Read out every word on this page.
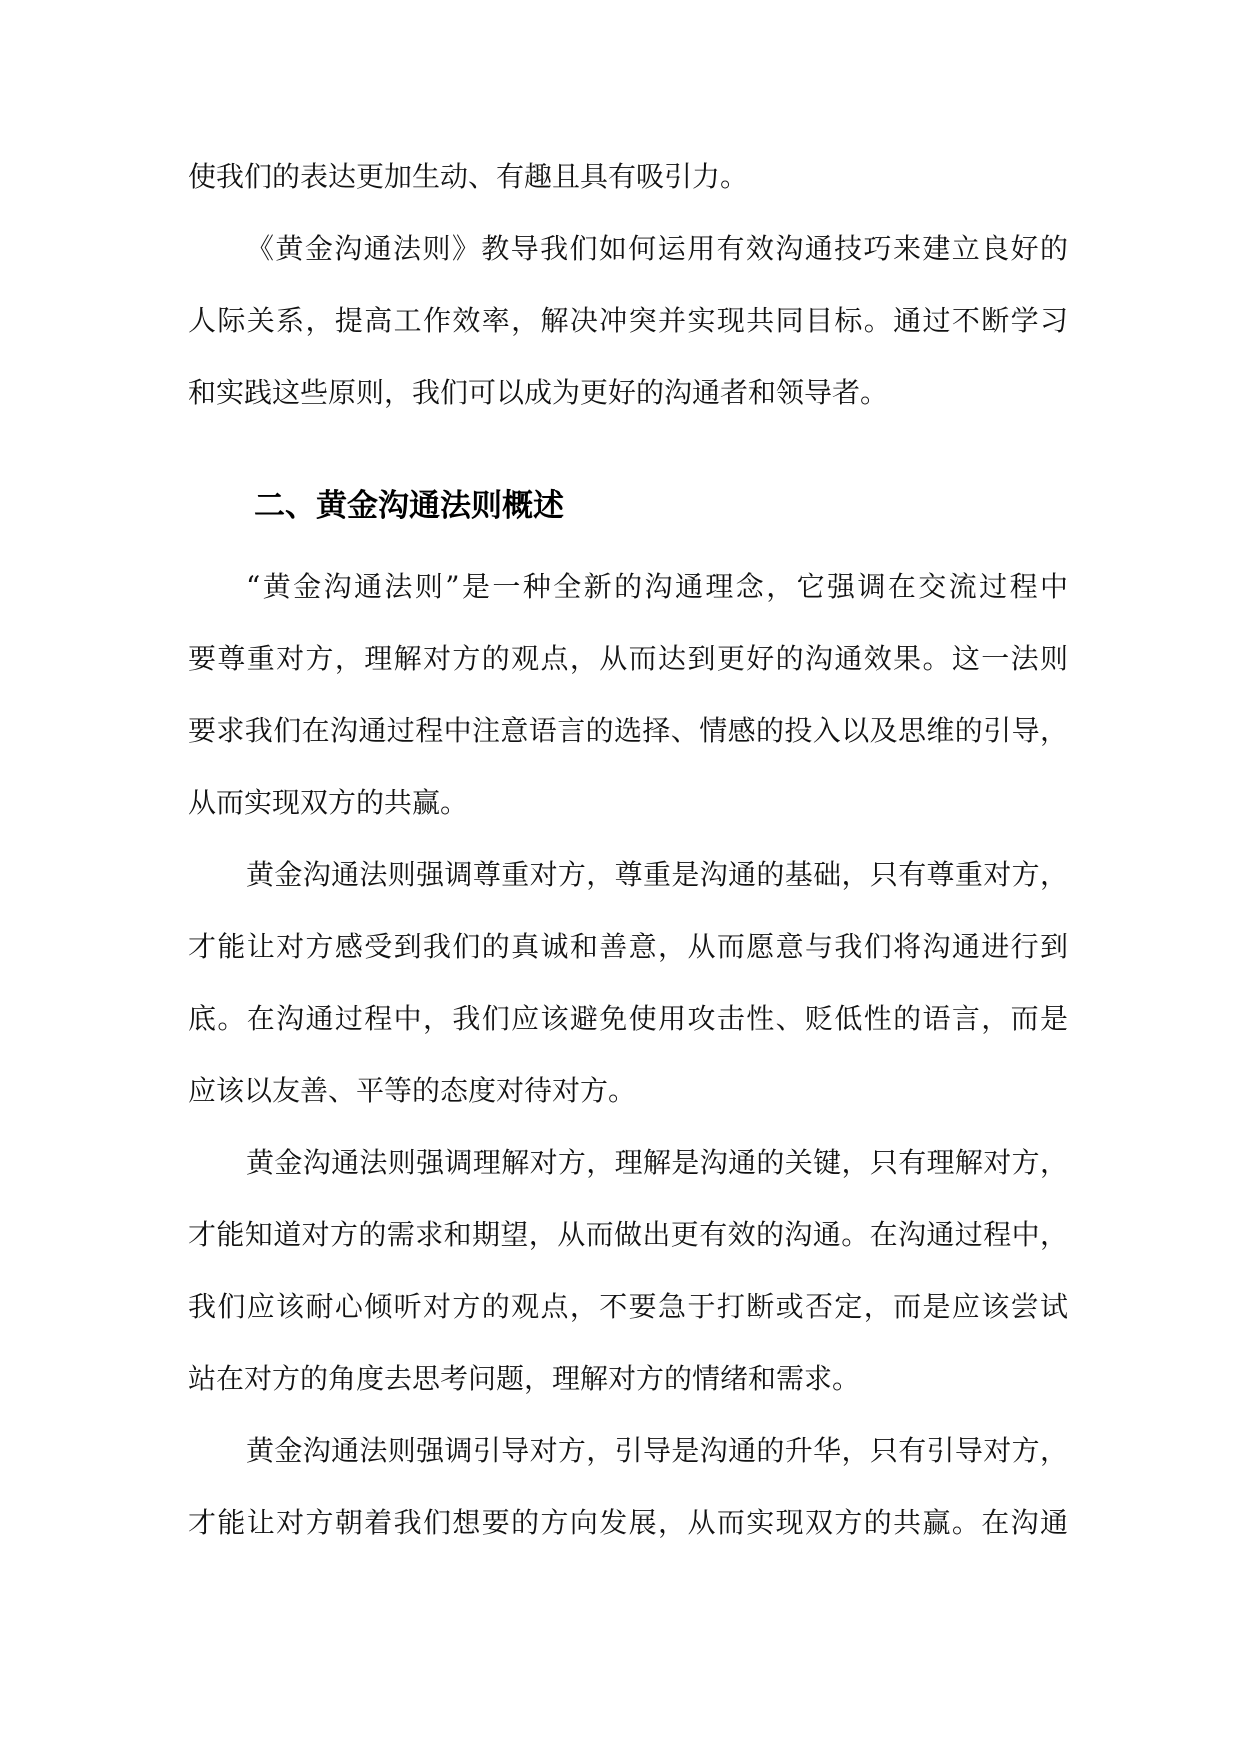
使我们的表达更加生动、有趣且具有吸引力。
《黄金沟通法则》教导我们如何运用有效沟通技巧来建立良好的
人际关系，提高工作效率，解决冲突并实现共同目标。通过不断学习
和实践这些原则，我们可以成为更好的沟通者和领导者。
二、黄金沟通法则概述
“黄金沟通法则”是一种全新的沟通理念，它强调在交流过程中
要尊重对方，理解对方的观点，从而达到更好的沟通效果。这一法则
要求我们在沟通过程中注意语言的选择、情感的投入以及思维的引导，
从而实现双方的共赢。
黄金沟通法则强调尊重对方，尊重是沟通的基础，只有尊重对方，
才能让对方感受到我们的真诚和善意，从而愿意与我们将沟通进行到
底。在沟通过程中，我们应该避免使用攻击性、贬低性的语言，而是
应该以友善、平等的态度对待对方。
黄金沟通法则强调理解对方，理解是沟通的关键，只有理解对方，
才能知道对方的需求和期望，从而做出更有效的沟通。在沟通过程中，
我们应该耐心倾听对方的观点，不要急于打断或否定，而是应该尝试
站在对方的角度去思考问题，理解对方的情绪和需求。
黄金沟通法则强调引导对方，引导是沟通的升华，只有引导对方，
才能让对方朝着我们想要的方向发展，从而实现双方的共赢。在沟通
